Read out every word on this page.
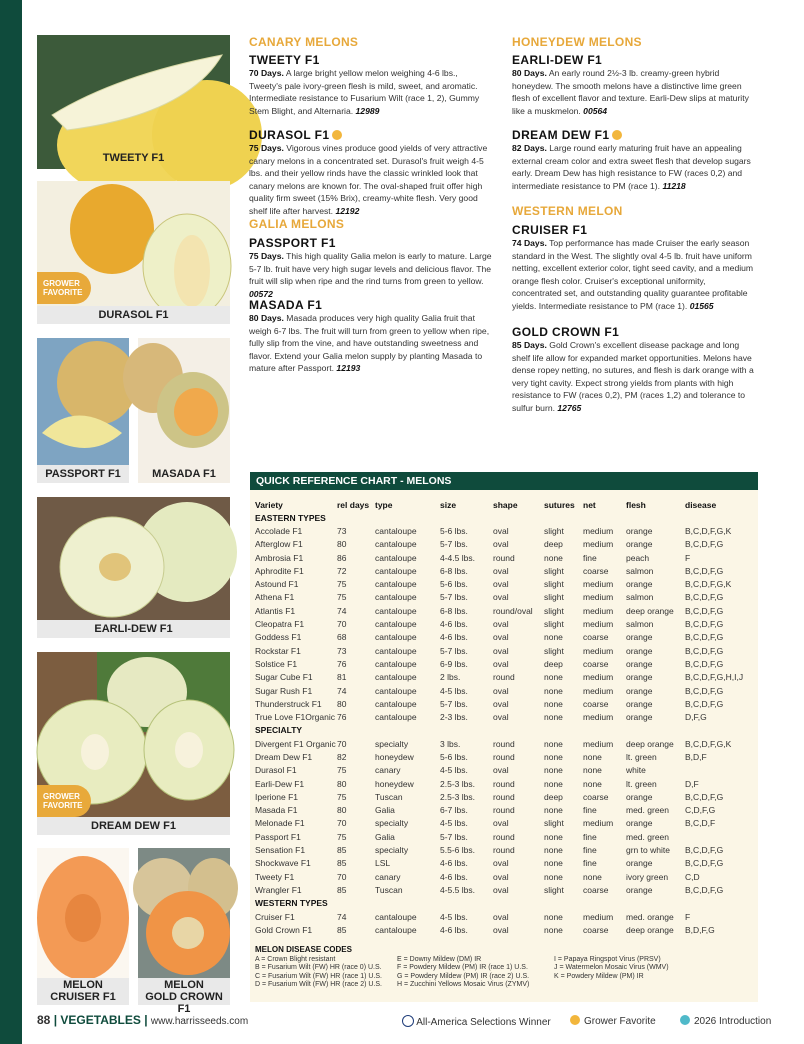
TWEETY F1
GROWER
FAVORITE
DURASOL F1
PASSPORT F1	MASADA F1
EARLI-DEW F1
GROWER
FAVORITE
DREAM DEW F1
MELON
CRUISER F1
MELON
GOLD CROWN F1
CANARY MELONS
TWEETY F1
70 Days. A large bright yellow melon weighing 4-6 lbs., Tweety's pale ivory-green flesh is mild, sweet, and aromatic. Intermediate resistance to Fusarium Wilt (race 1, 2), Gummy Stem Blight, and Alternaria. 12989
DURASOL F1
75 Days. Vigorous vines produce good yields of very attractive canary melons in a concentrated set. Durasol's fruit weigh 4-5 lbs. and their yellow rinds have the classic wrinkled look that canary melons are known for. The oval-shaped fruit offer high quality firm sweet (15% Brix), creamy-white flesh. Very good shelf life after harvest. 12192
GALIA MELONS
PASSPORT F1
75 Days. This high quality Galia melon is early to mature. Large 5-7 lb. fruit have very high sugar levels and delicious flavor. The fruit will slip when ripe and the rind turns from green to yellow. 00572
MASADA F1
80 Days. Masada produces very high quality Galia fruit that weigh 6-7 lbs. The fruit will turn from green to yellow when ripe, fully slip from the vine, and have outstanding sweetness and flavor. Extend your Galia melon supply by planting Masada to mature after Passport. 12193
HONEYDEW MELONS
EARLI-DEW F1
80 Days. An early round 2½-3 lb. creamy-green hybrid honeydew. The smooth melons have a distinctive lime green flesh of excellent flavor and texture. Earli-Dew slips at maturity like a muskmelon. 00564
DREAM DEW F1
82 Days. Large round early maturing fruit have an appealing external cream color and extra sweet flesh that develop sugars early. Dream Dew has high resistance to FW (races 0,2) and intermediate resistance to PM (race 1). 11218
WESTERN MELON
CRUISER F1
74 Days. Top performance has made Cruiser the early season standard in the West. The slightly oval 4-5 lb. fruit have uniform netting, excellent exterior color, tight seed cavity, and a medium orange flesh color. Cruiser's exceptional uniformity, concentrated set, and outstanding quality guarantee profitable yields. Intermediate resistance to PM (race 1). 01565
GOLD CROWN F1
85 Days. Gold Crown's excellent disease package and long shelf life allow for expanded market opportunities. Melons have dense ropey netting, no sutures, and flesh is dark orange with a very tight cavity. Expect strong yields from plants with high resistance to FW (races 0,2), PM (races 1,2) and tolerance to sulfur burn. 12765
QUICK REFERENCE CHART - MELONS
Variety	rel days	type	size	shape	sutures	net	flesh	disease
EASTERN TYPES								
Accolade F1	73	cantaloupe	5-6 lbs.	oval	slight	medium	orange	B,C,D,F,G,K
Afterglow F1	80	cantaloupe	5-7 lbs.	oval	deep	medium	orange	B,C,D,F,G
Ambrosia F1	86	cantaloupe	4-4.5 lbs.	round	none	fine	peach	F
Aphrodite F1	72	cantaloupe	6-8 lbs.	oval	slight	coarse	salmon	B,C,D,F,G
Astound F1	75	cantaloupe	5-6 lbs.	oval	slight	medium	orange	B,C,D,F,G,K
Athena F1	75	cantaloupe	5-7 lbs.	oval	slight	medium	salmon	B,C,D,F,G
Atlantis F1	74	cantaloupe	6-8 lbs.	round/oval	slight	medium	deep orange	B,C,D,F,G
Cleopatra F1	70	cantaloupe	4-6 lbs.	oval	slight	medium	salmon	B,C,D,F,G
Goddess F1	68	cantaloupe	4-6 lbs.	oval	none	coarse	orange	B,C,D,F,G
Rockstar F1	73	cantaloupe	5-7 lbs.	oval	slight	medium	orange	B,C,D,F,G
Solstice F1	76	cantaloupe	6-9 lbs.	oval	deep	coarse	orange	B,C,D,F,G
Sugar Cube F1	81	cantaloupe	2 lbs.	round	none	medium	orange	B,C,D,F,G,H,I,J
Sugar Rush F1	74	cantaloupe	4-5 lbs.	oval	none	medium	orange	B,C,D,F,G
Thunderstruck F1	80	cantaloupe	5-7 lbs.	oval	none	coarse	orange	B,C,D,F,G
True Love F1Organic	76	cantaloupe	2-3 lbs.	oval	none	medium	orange	D,F,G
SPECIALTY								
Divergent F1 Organic	70	specialty	3 lbs.	round	none	medium	deep orange	B,C,D,F,G,K
Dream Dew F1	82	honeydew	5-6 lbs.	round	none	none	lt. green	B,D,F
Durasol F1	75	canary	4-5 lbs.	oval	none	none	white	
Earli-Dew F1	80	honeydew	2.5-3 lbs.	round	none	none	lt. green	D,F
Iperione F1	75	Tuscan	2.5-3 lbs.	round	deep	coarse	orange	B,C,D,F,G
Masada F1	80	Galia	6-7 lbs.	round	none	fine	med. green	C,D,F,G
Melonade F1	70	specialty	4-5 lbs.	oval	slight	medium	orange	B,C,D,F
Passport F1	75	Galia	5-7 lbs.	round	none	fine	med. green	
Sensation F1	85	specialty	5.5-6 lbs.	round	none	fine	grn to white	B,C,D,F,G
Shockwave F1	85	LSL	4-6 lbs.	oval	none	fine	orange	B,C,D,F,G
Tweety F1	70	canary	4-6 lbs.	oval	none	none	ivory green	C,D
Wrangler F1	85	Tuscan	4-5.5 lbs.	oval	slight	coarse	orange	B,C,D,F,G
WESTERN TYPES								
Cruiser F1	74	cantaloupe	4-5 lbs.	oval	none	medium	med. orange	F
Gold Crown F1	85	cantaloupe	4-6 lbs.	oval	none	coarse	deep orange	B,D,F,G
MELON DISEASE CODES
A = Crown Blight resistant
B = Fusarium Wilt (FW) HR (race 0) U.S.
C = Fusarium Wilt (FW) HR (race 1) U.S.
D = Fusarium Wilt (FW) HR (race 2) U.S.
E = Downy Mildew (DM) IR
F = Powdery Mildew (PM) IR (race 1) U.S.
G = Powdery Mildew (PM) IR (race 2) U.S.
H = Zucchini Yellows Mosaic Virus (ZYMV)
I = Papaya Ringspot Virus (PRSV)
J = Watermelon Mosaic Virus (WMV)
K = Powdery Mildew (PM) IR
88 | VEGETABLES | www.harrisseeds.com	All-America Selections Winner	Grower Favorite	2026 Introduction
